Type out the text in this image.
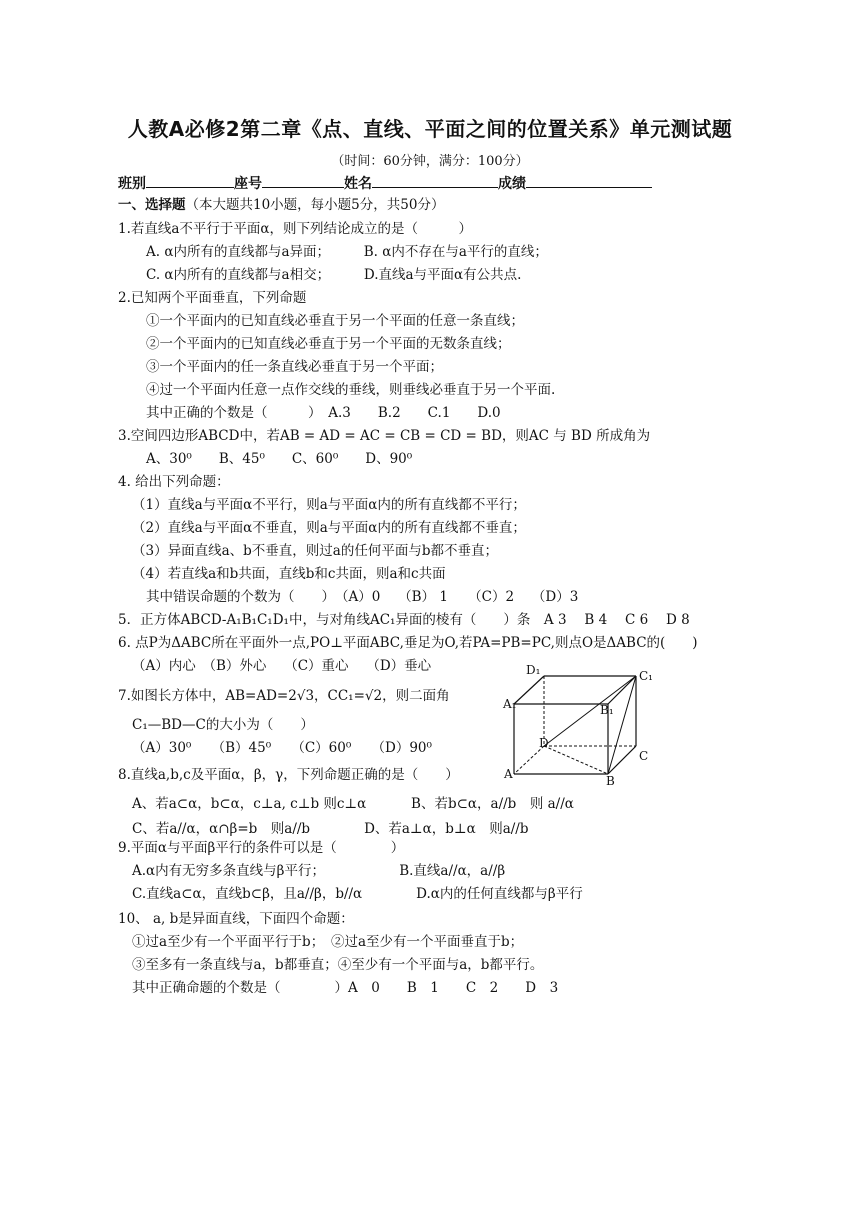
人教A必修2第二章《点、直线、平面之间的位置关系》单元测试题
（时间：60分钟，满分：100分）
班别	座号	姓名	成绩
一、选择题（本大题共10小题，每小题5分，共50分）
1.若直线a不平行于平面α，则下列结论成立的是（　　　）
A. α内所有的直线都与a异面；　　　B. α内不存在与a平行的直线；
C. α内所有的直线都与a相交；　　　D.直线a与平面α有公共点.
2.已知两个平面垂直，下列命题
①一个平面内的已知直线必垂直于另一个平面的任意一条直线；
②一个平面内的已知直线必垂直于另一个平面的无数条直线；
③一个平面内的任一条直线必垂直于另一个平面；
④过一个平面内任意一点作交线的垂线，则垂线必垂直于另一个平面.
其中正确的个数是（　　　）　A.3　　B.2　　C.1　　D.0
3.空间四边形ABCD中，若AB = AD = AC = CB = CD = BD，则AC 与 BD 所成角为
A、30⁰　　B、45⁰　　C、60⁰　　D、90⁰
4. 给出下列命题：
（1）直线a与平面α不平行，则a与平面α内的所有直线都不平行；
（2）直线a与平面α不垂直，则a与平面α内的所有直线都不垂直；
（3）异面直线a、b不垂直，则过a的任何平面与b都不垂直；
（4）若直线a和b共面，直线b和c共面，则a和c共面
其中错误命题的个数为（　　）　（A）0　 （B） 1　　（C）2　 （D）3
5．正方体ABCD-A₁B₁C₁D₁中，与对角线AC₁异面的棱有（　　）条　A 3　 B 4　 C 6　 D 8
6. 点P为ΔABC所在平面外一点,PO⊥平面ABC,垂足为O,若PA=PB=PC,则点O是ΔABC的(　　)
（A）内心　（B）外心　 （C）重心　 （D）垂心
7.如图长方体中，AB=AD=2√3，CC₁=√2，则二面角
C₁—BD—C的大小为（　　）
（A）30⁰　　（B）45⁰　　（C）60⁰　　（D）90⁰
8.直线a,b,c及平面α，β，γ，下列命题正确的是（　　）
A、若a⊂α，b⊂α，c⊥a, c⊥b 则c⊥α　　　 B、若b⊂α，a//b　则 a//α
C、若a//α，α∩β=b　则a//b　　　　D、若a⊥α，b⊥α　则a//b
9.平面α与平面β平行的条件可以是（　　　　）
A.α内有无穷多条直线与β平行；　　　　　　B.直线a//α，a//β
C.直线a⊂α，直线b⊂β，且a//β，b//α　　　　D.α内的任何直线都与β平行
10、 a, b是异面直线，下面四个命题：
①过a至少有一个平面平行于b；　②过a至少有一个平面垂直于b；
③至多有一条直线与a，b都垂直；④至少有一个平面与a，b都平行。
其中正确命题的个数是（　　　　）A　0　　B　1　　C　2　　D　3
D₁	C₁
A₁	B₁
D
C
A	B
